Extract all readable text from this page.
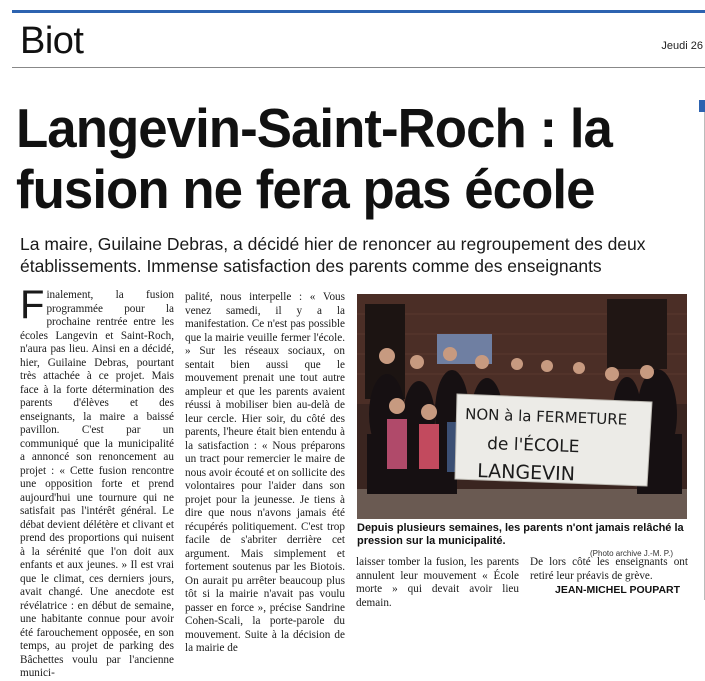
Biot	Jeudi 26
Langevin-Saint-Roch : la fusion ne fera pas école
La maire, Guilaine Debras, a décidé hier de renoncer au regroupement des deux établissements. Immense satisfaction des parents comme des enseignants
Finalement, la fusion programmée pour la prochaine rentrée entre les écoles Langevin et Saint-Roch, n'aura pas lieu. Ainsi en a décidé, hier, Guilaine Debras, pourtant très attachée à ce projet. Mais face à la forte détermination des parents d'élèves et des enseignants, la maire a baissé pavillon. C'est par un communiqué que la municipalité a annoncé son renoncement au projet : « Cette fusion rencontre une opposition forte et prend aujourd'hui une tournure qui ne satisfait pas l'intérêt général. Le débat devient délétère et clivant et prend des proportions qui nuisent à la sérénité que l'on doit aux enfants et aux jeunes. » Il est vrai que le climat, ces derniers jours, avait changé. Une anecdote est révélatrice : en début de semaine, une habitante connue pour avoir été farouchement opposée, en son temps, au projet de parking des Bâchettes voulu par l'ancienne munici-
palité, nous interpelle : « Vous venez samedi, il y a la manifestation. Ce n'est pas possible que la mairie veuille fermer l'école. » Sur les réseaux sociaux, on sentait bien aussi que le mouvement prenait une tout autre ampleur et que les parents avaient réussi à mobiliser bien au-delà de leur cercle. Hier soir, du côté des parents, l'heure était bien entendu à la satisfaction : « Nous préparons un tract pour remercier le maire de nous avoir écouté et on sollicite des volontaires pour l'aider dans son projet pour la jeunesse. Je tiens à dire que nous n'avons jamais été récupérés politiquement. C'est trop facile de s'abriter derrière cet argument. Mais simplement et fortement soutenus par les Biotois. On aurait pu arrêter beaucoup plus tôt si la mairie n'avait pas voulu passer en force », précise Sandrine Cohen-Scali, la porte-parole du mouvement. Suite à la décision de la mairie de
NON à la FERMETURE
de l'ÉCOLE
LANGEVIN
Depuis plusieurs semaines, les parents n'ont jamais relâché la pression sur la municipalité.
(Photo archive J.-M. P.)
laisser tomber la fusion, les parents annulent leur mouvement « École morte » qui devait avoir lieu demain.
De lors côté les enseignants ont retiré leur préavis de grève.
JEAN-MICHEL POUPART
